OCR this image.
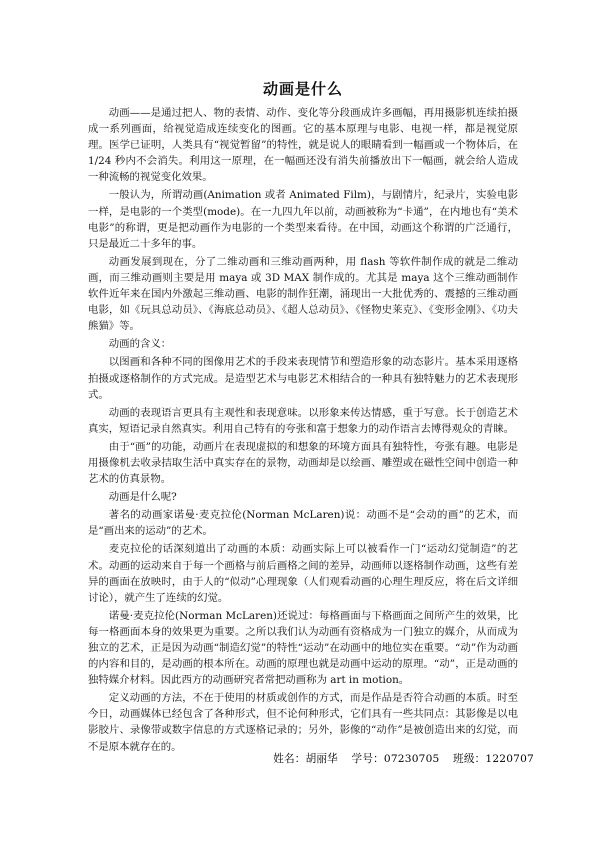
动画是什么

动画——是通过把人、物的表情、动作、变化等分段画成许多画幅，再用摄影机连续拍摄成一系列画面，给视觉造成连续变化的图画。它的基本原理与电影、电视一样，都是视觉原理。医学已证明，人类具有“视觉暂留”的特性，就是说人的眼睛看到一幅画或一个物体后，在 1/24 秒内不会消失。利用这一原理，在一幅画还没有消失前播放出下一幅画，就会给人造成一种流畅的视觉变化效果。

一般认为，所谓动画(Animation 或者 Animated Film)，与剧情片，纪录片，实验电影一样，是电影的一个类型(mode)。在一九四九年以前，动画被称为“卡通”，在内地也有“美术电影”的称谓，更是把动画作为电影的一个类型来看待。在中国，动画这个称谓的广泛通行，只是最近二十多年的事。

动画发展到现在，分了二维动画和三维动画两种，用 flash 等软件制作成的就是二维动画，而三维动画则主要是用 maya 或 3D MAX 制作成的。尤其是 maya 这个三维动画制作软件近年来在国内外激起三维动画、电影的制作狂潮，涌现出一大批优秀的、震撼的三维动画电影，如《玩具总动员》、《海底总动员》、《超人总动员》、《怪物史莱克》、《变形金刚》、《功夫熊猫》等。

动画的含义：

以图画和各种不同的图像用艺术的手段来表现情节和塑造形象的动态影片。基本采用逐格拍摄或逐格制作的方式完成。是造型艺术与电影艺术相结合的一种具有独特魅力的艺术表现形式。

动画的表现语言更具有主观性和表现意味。以形象来传达情感，重于写意。长于创造艺术真实，短语记录自然真实。利用自己特有的夸张和富于想象力的动作语言去博得观众的青睐。

由于“画”的功能，动画片在表现虚拟的和想象的环境方面具有独特性，夸张有趣。电影是用摄像机去收录拮取生活中真实存在的景物，动画却是以绘画、雕塑或在磁性空间中创造一种艺术的仿真景物。

动画是什么呢?

著名的动画家诺曼·麦克拉伦(Norman McLaren)说：动画不是“会动的画”的艺术，而是“画出来的运动”的艺术。

麦克拉伦的话深刻道出了动画的本质：动画实际上可以被看作一门“运动幻觉制造”的艺术。动画的运动来自于每一个画格与前后画格之间的差异，动画师以逐格制作动画，这些有差异的画面在放映时，由于人的“似动”心理现象（人们观看动画的心理生理反应，将在后文详细讨论），就产生了连续的幻觉。

诺曼·麦克拉伦(Norman McLaren)还说过：每格画面与下格画面之间所产生的效果，比每一格画面本身的效果更为重要。之所以我们认为动画有资格成为一门独立的媒介，从而成为独立的艺术，正是因为动画“制造幻觉”的特性“运动”在动画中的地位实在重要。“动”作为动画的内容和目的，是动画的根本所在。动画的原理也就是动画中运动的原理。“动”，正是动画的独特媒介材料。因此西方的动画研究者常把动画称为 art in motion。

定义动画的方法，不在于使用的材质或创作的方式，而是作品是否符合动画的本质。时至今日，动画媒体已经包含了各种形式，但不论何种形式，它们具有一些共同点：其影像是以电影胶片、录像带或数字信息的方式逐格记录的；另外，影像的“动作”是被创造出来的幻觉，而不是原本就存在的。

姓名：胡丽华 学号：07230705 班级：1220707
